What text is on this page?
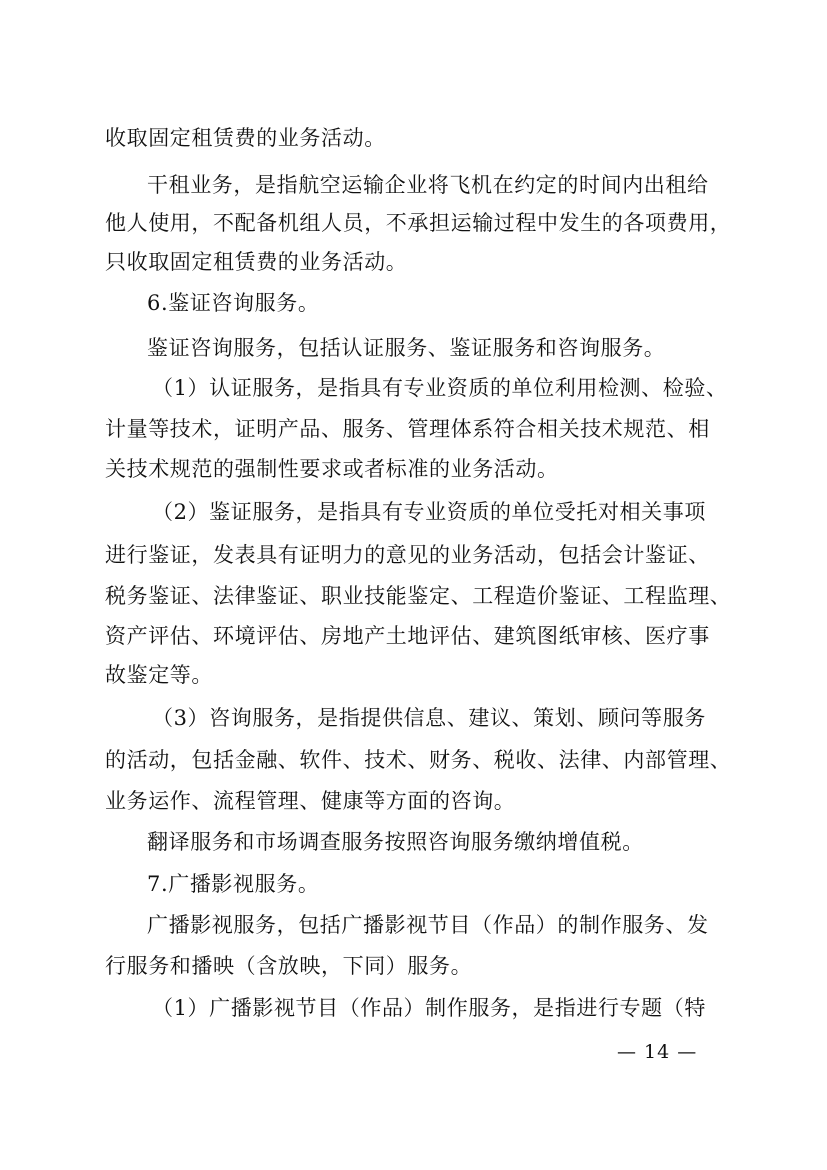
收取固定租赁费的业务活动。
干租业务，是指航空运输企业将飞机在约定的时间内出租给
他人使用，不配备机组人员，不承担运输过程中发生的各项费用，
只收取固定租赁费的业务活动。
6.鉴证咨询服务。
鉴证咨询服务，包括认证服务、鉴证服务和咨询服务。
（1）认证服务，是指具有专业资质的单位利用检测、检验、
计量等技术，证明产品、服务、管理体系符合相关技术规范、相
关技术规范的强制性要求或者标准的业务活动。
（2）鉴证服务，是指具有专业资质的单位受托对相关事项
进行鉴证，发表具有证明力的意见的业务活动，包括会计鉴证、
税务鉴证、法律鉴证、职业技能鉴定、工程造价鉴证、工程监理、
资产评估、环境评估、房地产土地评估、建筑图纸审核、医疗事
故鉴定等。
（3）咨询服务，是指提供信息、建议、策划、顾问等服务
的活动，包括金融、软件、技术、财务、税收、法律、内部管理、
业务运作、流程管理、健康等方面的咨询。
翻译服务和市场调查服务按照咨询服务缴纳增值税。
7.广播影视服务。
广播影视服务，包括广播影视节目（作品）的制作服务、发
行服务和播映（含放映，下同）服务。
（1）广播影视节目（作品）制作服务，是指进行专题（特
— 14 —
